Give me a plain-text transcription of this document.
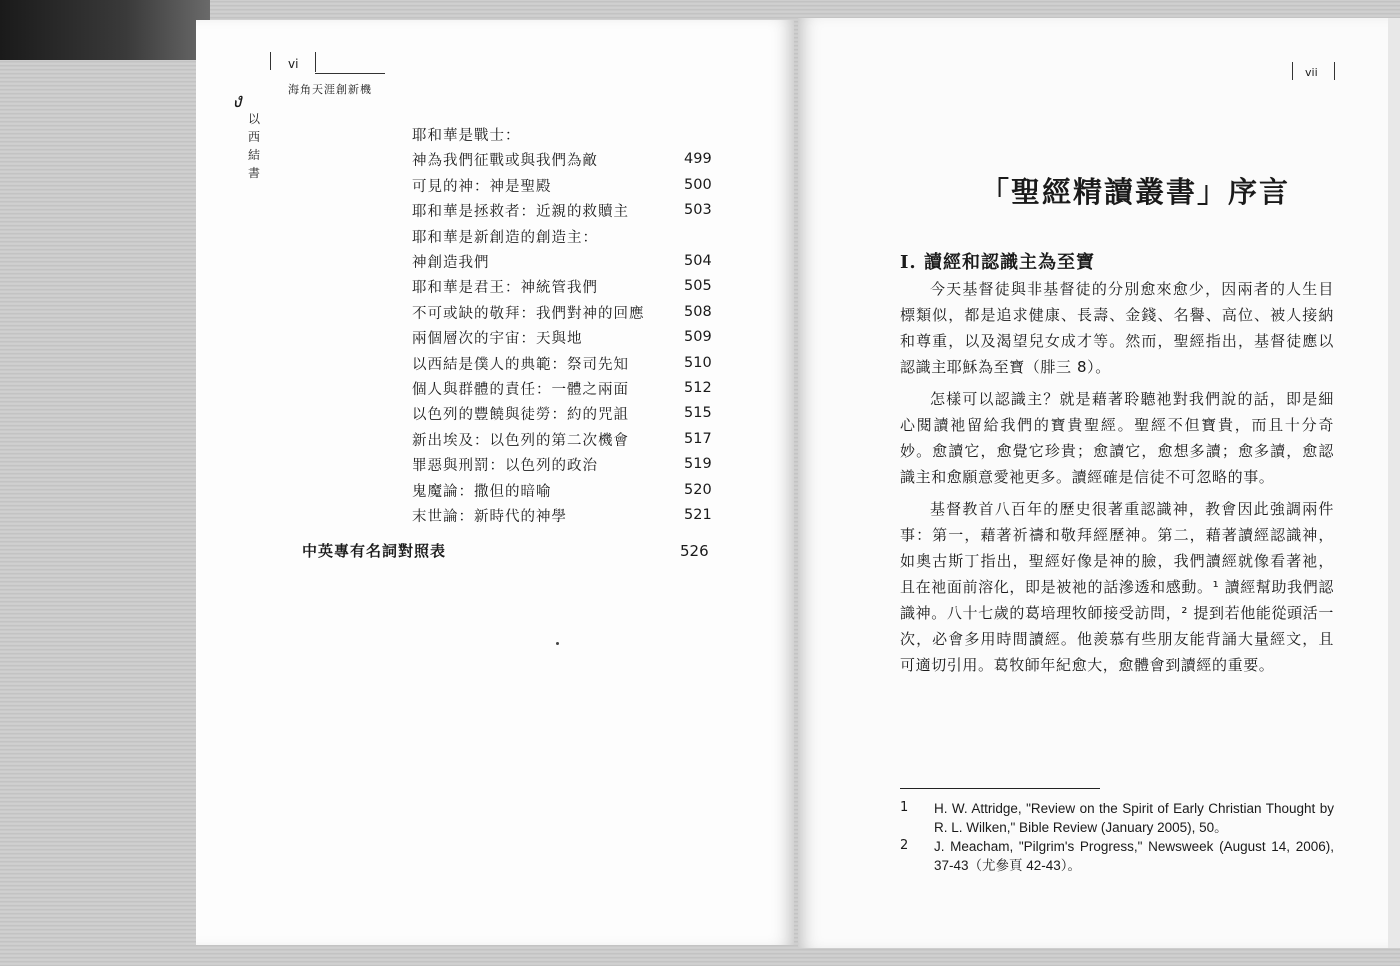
vi
海角天涯創新機
ง
以西結書
耶和華是戰士：
神為我們征戰或與我們為敵	499
可見的神：神是聖殿	500
耶和華是拯救者：近親的救贖主	503
耶和華是新創造的創造主：
神創造我們	504
耶和華是君王：神統管我們	505
不可或缺的敬拜：我們對神的回應	508
兩個層次的宇宙：天與地	509
以西結是僕人的典範：祭司先知	510
個人與群體的責任：一體之兩面	512
以色列的豐饒與徒勞：約的咒詛	515
新出埃及：以色列的第二次機會	517
罪惡與刑罰：以色列的政治	519
鬼魔論：撒但的暗喻	520
末世論：新時代的神學	521
中英專有名詞對照表	526
vii
「聖經精讀叢書」序言
I. 讀經和認識主為至寶

今天基督徒與非基督徒的分別愈來愈少，因兩者的人生目標類似，都是追求健康、長壽、金錢、名譽、高位、被人接納和尊重，以及渴望兒女成才等。然而，聖經指出，基督徒應以認識主耶穌為至寶（腓三 8）。

怎樣可以認識主？就是藉著聆聽祂對我們說的話，即是細心閱讀祂留給我們的寶貴聖經。聖經不但寶貴，而且十分奇妙。愈讀它，愈覺它珍貴；愈讀它，愈想多讀；愈多讀，愈認識主和愈願意愛祂更多。讀經確是信徒不可忽略的事。

基督教首八百年的歷史很著重認識神，教會因此強調兩件事：第一，藉著祈禱和敬拜經歷神。第二，藉著讀經認識神，如奧古斯丁指出，聖經好像是神的臉，我們讀經就像看著祂，且在祂面前溶化，即是被祂的話滲透和感動。¹ 讀經幫助我們認識神。八十七歲的葛培理牧師接受訪問，² 提到若他能從頭活一次，必會多用時間讀經。他羨慕有些朋友能背誦大量經文，且可適切引用。葛牧師年紀愈大，愈體會到讀經的重要。

1 H. W. Attridge, "Review on the Spirit of Early Christian Thought by R. L. Wilken," Bible Review (January 2005), 50。
2 J. Meacham, "Pilgrim's Progress," Newsweek (August 14, 2006), 37-43（尤參頁 42-43）。
